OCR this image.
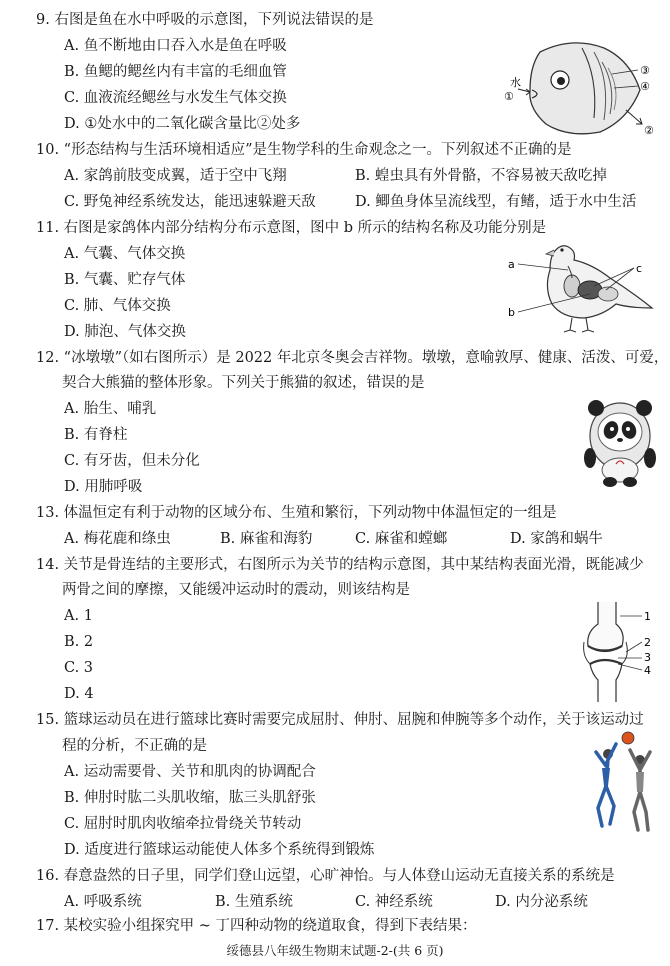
9. 右图是鱼在水中呼吸的示意图，下列说法错误的是
A. 鱼不断地由口吞入水是鱼在呼吸
B. 鱼鳃的鳃丝内有丰富的毛细血管
C. 血液流经鳃丝与水发生气体交换
D. ①处水中的二氧化碳含量比②处多
水
①
③
④
②
10. “形态结构与生活环境相适应”是生物学科的生命观念之一。下列叙述不正确的是
A. 家鸽前肢变成翼，适于空中飞翔	B. 蝗虫具有外骨骼，不容易被天敌吃掉
C. 野兔神经系统发达，能迅速躲避天敌	D. 鲫鱼身体呈流线型，有鳍，适于水中生活
11. 右图是家鸽体内部分结构分布示意图，图中 b 所示的结构名称及功能分别是
A. 气囊、气体交换
B. 气囊、贮存气体
C. 肺、气体交换
D. 肺泡、气体交换
a
b
c
12. “冰墩墩”（如右图所示）是 2022 年北京冬奥会吉祥物。墩墩，意喻敦厚、健康、活泼、可爱，
契合大熊猫的整体形象。下列关于熊猫的叙述，错误的是
A. 胎生、哺乳
B. 有脊柱
C. 有牙齿，但未分化
D. 用肺呼吸
13. 体温恒定有利于动物的区域分布、生殖和繁衍，下列动物中体温恒定的一组是
A. 梅花鹿和绦虫	B. 麻雀和海豹	C. 麻雀和螳螂	D. 家鸽和蜗牛
14. 关节是骨连结的主要形式，右图所示为关节的结构示意图，其中某结构表面光滑，既能减少
两骨之间的摩擦，又能缓冲运动时的震动，则该结构是
A. 1
B. 2
C. 3
D. 4
1
2
3
4
15. 篮球运动员在进行篮球比赛时需要完成屈肘、伸肘、屈腕和伸腕等多个动作，关于该运动过
程的分析，不正确的是
A. 运动需要骨、关节和肌肉的协调配合
B. 伸肘时肱二头肌收缩，肱三头肌舒张
C. 屈肘时肌肉收缩牵拉骨绕关节转动
D. 适度进行篮球运动能使人体多个系统得到锻炼
16. 春意盎然的日子里，同学们登山远望，心旷神怡。与人体登山运动无直接关系的系统是
A. 呼吸系统	B. 生殖系统	C. 神经系统	D. 内分泌系统
17. 某校实验小组探究甲 ~ 丁四种动物的绕道取食，得到下表结果：
绥德县八年级生物期末试题-2-(共 6 页)
